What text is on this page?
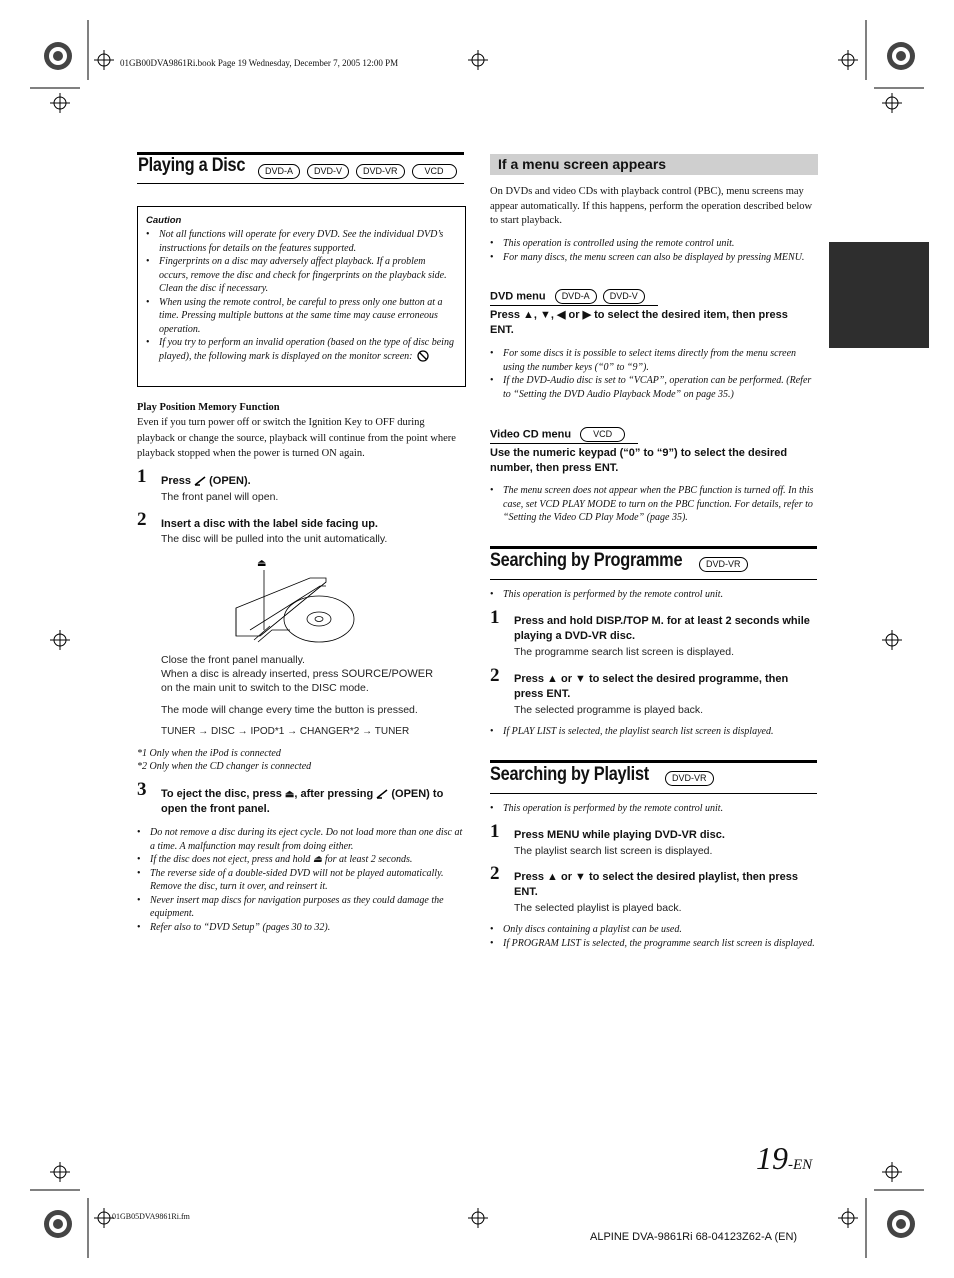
01GB00DVA9861Ri.book Page 19 Wednesday, December 7, 2005 12:00 PM
Playing a Disc	DVD-A DVD-V DVD-VR	VCD
Caution
• Not all functions will operate for every DVD. See the individual DVD’s instructions for details on the features supported.
• Fingerprints on a disc may adversely affect playback. If a problem occurs, remove the disc and check for fingerprints on the playback side. Clean the disc if necessary.
• When using the remote control, be careful to press only one button at a time. Pressing multiple buttons at the same time may cause erroneous operation.
• If you try to perform an invalid operation (based on the type of disc being played), the following mark is displayed on the monitor screen:
Play Position Memory Function
Even if you turn power off or switch the Ignition Key to OFF during playback or change the source, playback will continue from the point where playback stopped when the power is turned ON again.
1 Press (OPEN).
The front panel will open.
2 Insert a disc with the label side facing up.
The disc will be pulled into the unit automatically.
⏏
Close the front panel manually.
When a disc is already inserted, press SOURCE/POWER
on the main unit to switch to the DISC mode.
The mode will change every time the button is pressed.
TUNER → DISC → IPOD*1 → CHANGER*2 → TUNER
*1 Only when the iPod is connected
*2 Only when the CD changer is connected
3 To eject the disc, press ⏏, after pressing (OPEN) to open the front panel.
• Do not remove a disc during its eject cycle. Do not load more than one disc at a time. A malfunction may result from doing either.
• If the disc does not eject, press and hold ⏏ for at least 2 seconds.
• The reverse side of a double-sided DVD will not be played automatically. Remove the disc, turn it over, and reinsert it.
• Never insert map discs for navigation purposes as they could damage the equipment.
• Refer also to “DVD Setup” (pages 30 to 32).
If a menu screen appears
On DVDs and video CDs with playback control (PBC), menu screens may appear automatically. If this happens, perform the operation described below to start playback.
• This operation is controlled using the remote control unit.
• For many discs, the menu screen can also be displayed by pressing MENU.
DVD menu DVD-A DVD-V
Press ▲, ▼, ◀ or ▶ to select the desired item, then press ENT.
• For some discs it is possible to select items directly from the menu screen using the number keys (“0” to “9”).
• If the DVD-Audio disc is set to “VCAP”, operation can be performed. (Refer to “Setting the DVD Audio Playback Mode” on page 35.)
Video CD menu VCD
Use the numeric keypad (“0” to “9”) to select the desired number, then press ENT.
• The menu screen does not appear when the PBC function is turned off. In this case, set VCD PLAY MODE to turn on the PBC function. For details, refer to “Setting the Video CD Play Mode” (page 35).
Searching by Programme	DVD-VR
• This operation is performed by the remote control unit.
1 Press and hold DISP./TOP M. for at least 2 seconds while playing a DVD-VR disc.
The programme search list screen is displayed.
2 Press ▲ or ▼ to select the desired programme, then press ENT.
The selected programme is played back.
• If PLAY LIST is selected, the playlist search list screen is displayed.
Searching by Playlist	DVD-VR
• This operation is performed by the remote control unit.
1 Press MENU while playing DVD-VR disc.
The playlist search list screen is displayed.
2 Press ▲ or ▼ to select the desired playlist, then press ENT.
The selected playlist is played back.
• Only discs containing a playlist can be used.
• If PROGRAM LIST is selected, the programme search list screen is displayed.
19-EN
01GB05DVA9861Ri.fm
ALPINE DVA-9861Ri 68-04123Z62-A (EN)
